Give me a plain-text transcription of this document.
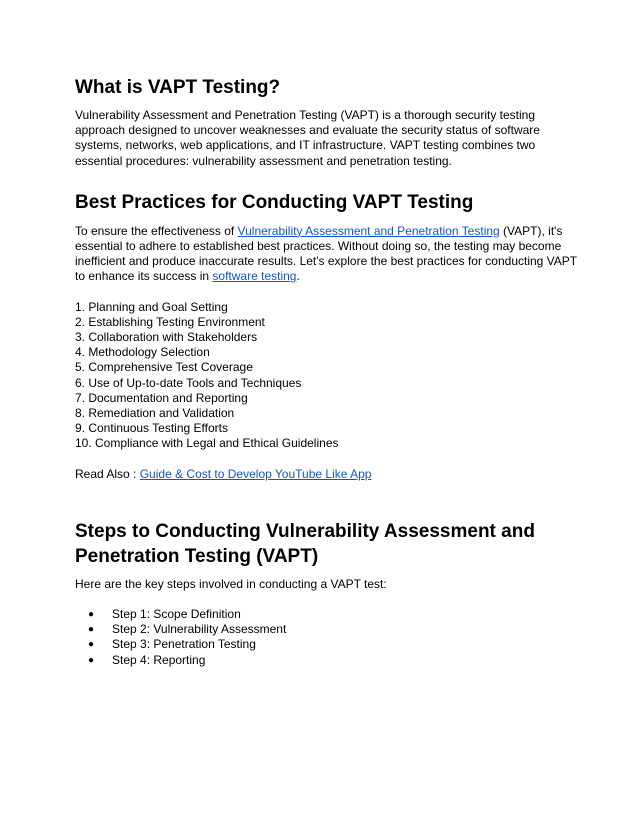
What is VAPT Testing?

Vulnerability Assessment and Penetration Testing (VAPT) is a thorough security testing approach designed to uncover weaknesses and evaluate the security status of software systems, networks, web applications, and IT infrastructure. VAPT testing combines two essential procedures: vulnerability assessment and penetration testing.

Best Practices for Conducting VAPT Testing

To ensure the effectiveness of Vulnerability Assessment and Penetration Testing (VAPT), it's essential to adhere to established best practices. Without doing so, the testing may become inefficient and produce inaccurate results. Let's explore the best practices for conducting VAPT to enhance its success in software testing.

1. Planning and Goal Setting
2. Establishing Testing Environment
3. Collaboration with Stakeholders
4. Methodology Selection
5. Comprehensive Test Coverage
6. Use of Up-to-date Tools and Techniques
7. Documentation and Reporting
8. Remediation and Validation
9. Continuous Testing Efforts
10. Compliance with Legal and Ethical Guidelines

Read Also : Guide & Cost to Develop YouTube Like App

Steps to Conducting Vulnerability Assessment and Penetration Testing (VAPT)

Here are the key steps involved in conducting a VAPT test:

● Step 1: Scope Definition
● Step 2: Vulnerability Assessment
● Step 3: Penetration Testing
● Step 4: Reporting
